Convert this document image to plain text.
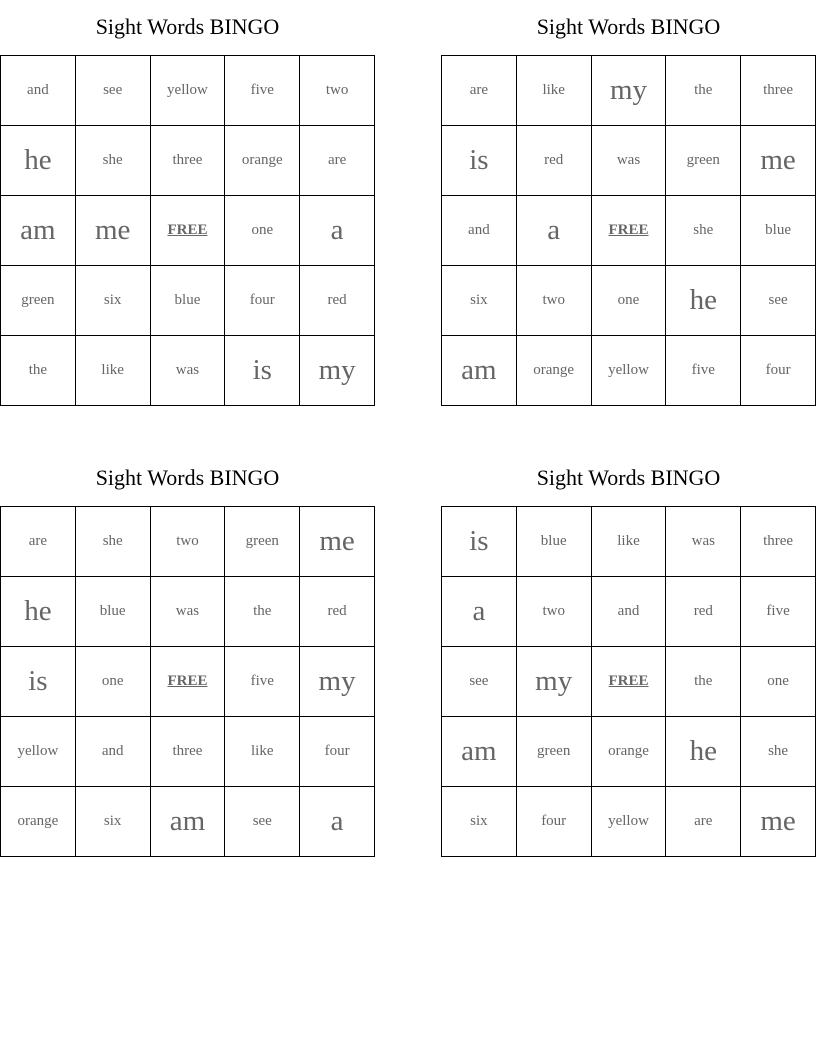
Sight Words BINGO
and	see	yellow	five	two
he	she	three	orange	are
am	me	FREE	one	a
green	six	blue	four	red
the	like	was	is	my
Sight Words BINGO
are	like	my	the	three
is	red	was	green	me
and	a	FREE	she	blue
six	two	one	he	see
am	orange	yellow	five	four
Sight Words BINGO
are	she	two	green	me
he	blue	was	the	red
is	one	FREE	five	my
yellow	and	three	like	four
orange	six	am	see	a
Sight Words BINGO
is	blue	like	was	three
a	two	and	red	five
see	my	FREE	the	one
am	green	orange	he	she
six	four	yellow	are	me
